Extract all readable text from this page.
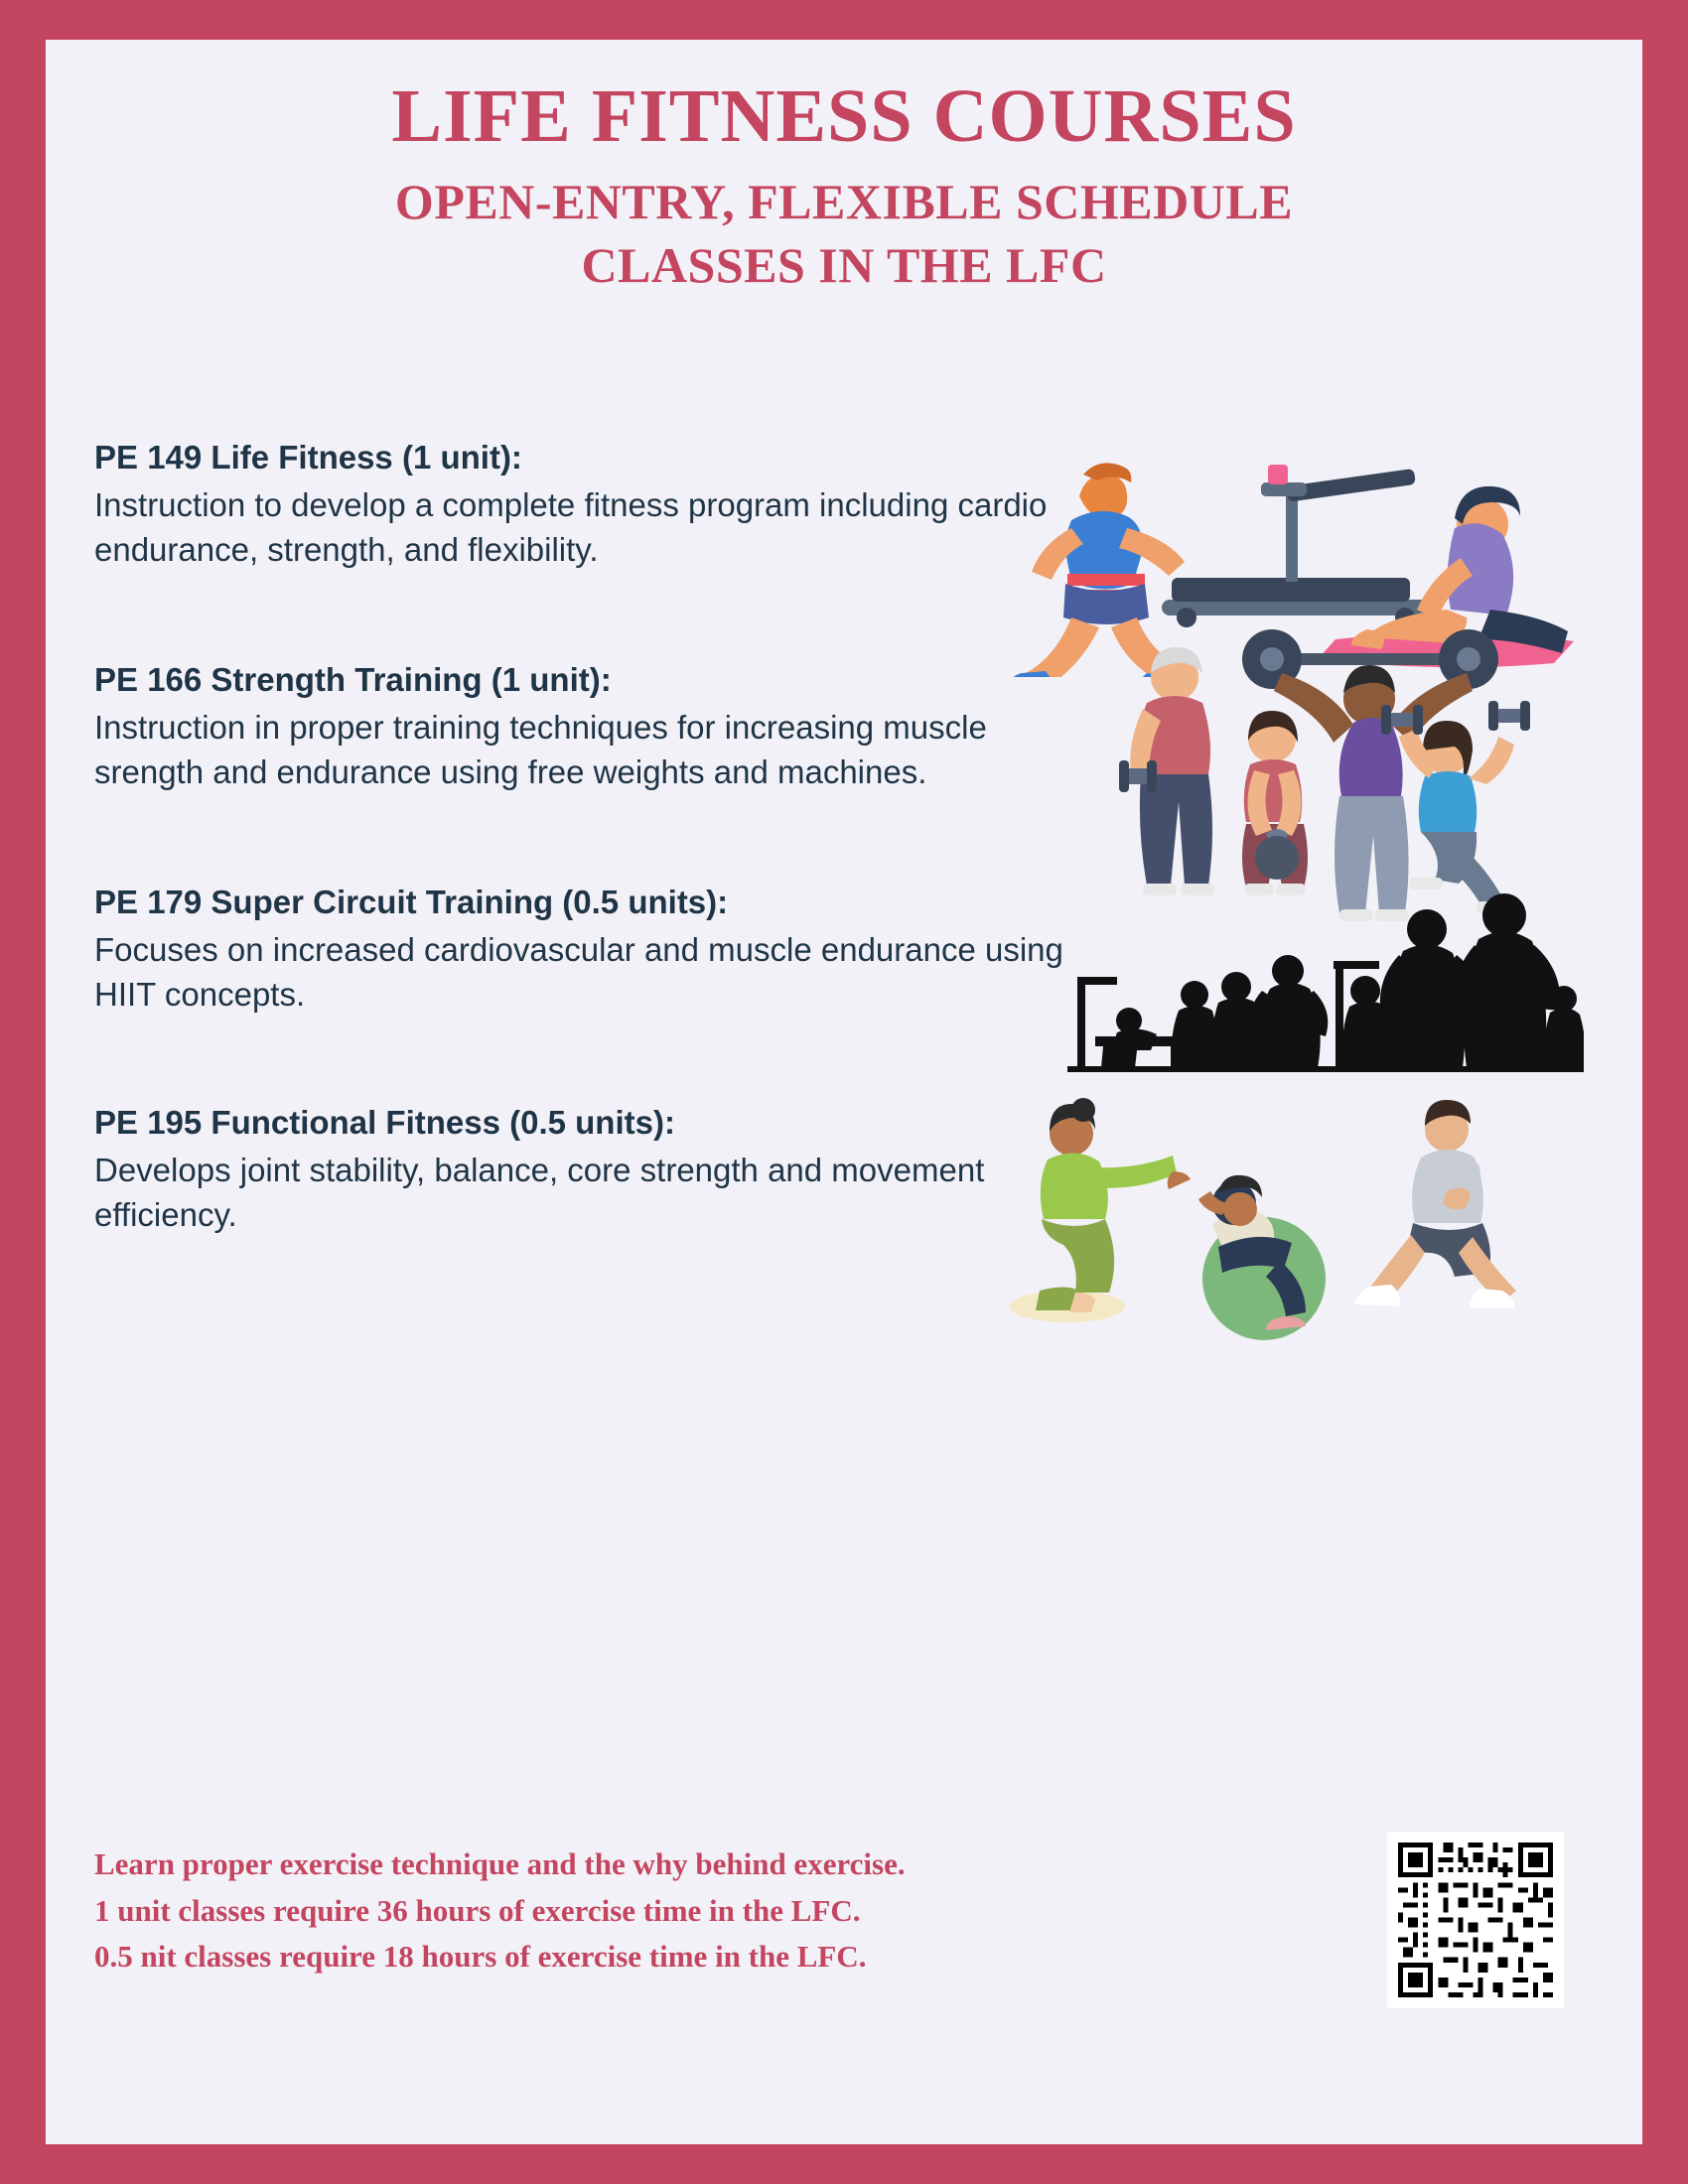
LIFE FITNESS COURSES
OPEN-ENTRY, FLEXIBLE SCHEDULE
CLASSES IN THE LFC
PE 149 Life Fitness (1 unit):
Instruction to develop a complete fitness program including cardio endurance, strength, and flexibility.
PE 166 Strength Training (1 unit):
Instruction in proper training techniques for increasing muscle srength and endurance using free weights and machines.
PE 179 Super Circuit Training (0.5 units):
Focuses on increased cardiovascular and muscle endurance using HIIT concepts.
PE 195 Functional Fitness (0.5 units):
Develops joint stability, balance, core strength and movement efficiency.
Learn proper exercise technique and the why behind exercise.
1 unit classes require 36 hours of exercise time in the LFC.
0.5 nit classes require 18 hours of exercise time in the LFC.
